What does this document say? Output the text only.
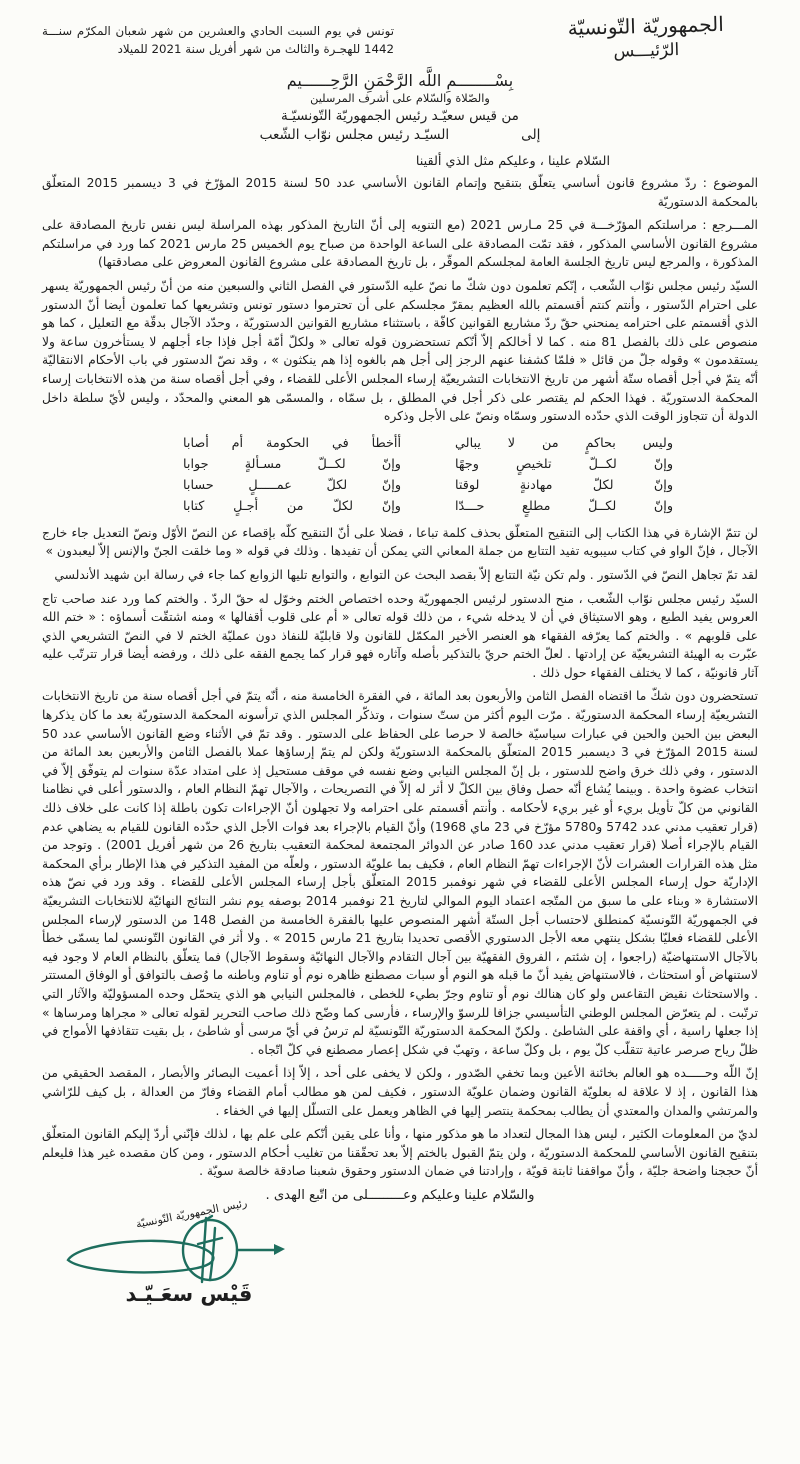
الجمهوريّة التّونسيّة
الرّئيـــس
تونس في يوم السبت الحادي والعشرين من شهر شعبان المكرّم سنـــة 1442 للهجـرة والثالث من شهر أفريل سنة 2021 للميلاد
بِسْــــــــمِ اللَّه الرَّحْمَنِ الرَّحِــــــيم
والصّلاة والسّلام على أشرف المرسلين
من قيس سعيّـد رئيس الجمهوريّة التّونسيّـة
إلى
السيّـد رئيس مجلس نوّاب الشّعب
السّلام علينا ، وعليكم مثل الذي ألقينا

الموضوع : ردّ مشروع قانون أساسي يتعلّق بتنقيح وإتمام القانون الأساسي عدد 50 لسنة 2015 المؤرّخ في 3 ديسمبر 2015 المتعلّق بالمحكمة الدستوريّة

المـــرجع : مراسلتكم المؤرّخـــة في 25 مـارس 2021 (مع التنويه إلى أنّ التاريخ المذكور بهذه المراسلة ليس نفس تاريخ المصادقة على مشروع القانون الأساسي المذكور ، فقد تمّت المصادقة على الساعة الواحدة من صباح يوم الخميس 25 مارس 2021 كما ورد في مراسلتكم المذكورة ، والمرجع ليس تاريخ الجلسة العامة لمجلسكم الموقّر ، بل تاريخ المصادقة على مشروع القانون المعروض على مصادقتها)

السيّد رئيس مجلس نوّاب الشّعب ، إنّكم تعلمون دون شكّ ما نصّ عليه الدّستور في الفصل الثاني والسبعين منه من أنّ رئيس الجمهوريّة يسهر على احترام الدّستور ، وأنتم كنتم أقسمتم بالله العظيم بمقرّ مجلسكم على أن تحترموا دستور تونس وتشريعها كما تعلمون أيضا أنّ الدستور الذي أقسمتم على احترامه يمنحني حقّ ردّ مشاريع القوانين كافّة ، باستثناء مشاريع القوانين الدستوريّة ، وحدّد الآجال بدقّة مع التعليل ، كما هو منصوص على ذلك بالفصل 81 منه . كما لا أخالكم إلاّ أنّكم تستحضرون قوله تعالى « ولكلّ أمّة أجل فإذا جاء أجلهم لا يستأخرون ساعة ولا يستقدمون » وقوله جلّ من قائل « فلمّا كشفنا عنهم الرجز إلى أجل هم بالغوه إذا هم ينكثون » ، وقد نصّ الدستور في باب الأحكام الانتقاليّة أنّه يتمّ في أجل أقصاه ستّة أشهر من تاريخ الانتخابات التشريعيّة إرساء المجلس الأعلى للقضاء ، وفي أجل أقصاه سنة من هذه الانتخابات إرساء المحكمة الدستوريّة . فهذا الحكم لم يقتصر على ذكر أجل في المطلق ، بل سمّاه ، والمسمّى هو المعني والمحدّد ، وليس لأيّ سلطة داخل الدولة أن تتجاوز الوقت الذي حدّده الدستور وسمّاه ونصّ على الأجل وذكره

وليس بحاكمٍ من لا يبالي
أأخطأ في الحكومة أم أصابا
وإنّ لكــلّ تلخيصٍ وجهًا
وإنّ لكــلّ مسـألةٍ جوابا
وإنّ لكلّ مهادنةٍ لوقتا
وإنّ لكلّ عمـــــلٍ حسابا
وإنّ لكــلّ مطلعٍ حـــدّا
وإنّ لكلّ من أجـلٍ كتابا

لن تتمّ الإشارة في هذا الكتاب إلى التنقيح المتعلّق بحذف كلمة تباعا ، فضلا على أنّ التنقيح كلّه بإقصاء عن النصّ الأوّل ونصّ التعديل جاء خارج الآجال ، فإنّ الواو في كتاب سيبويه تفيد التتابع من جملة المعاني التي يمكن أن تفيدها . وذلك في قوله « وما خلقت الجنّ والإنس إلاّ ليعبدون »

لقد تمّ تجاهل النصّ في الدّستور . ولم تكن نيّة التتابع إلاّ بقصد البحث عن التوابع ، والتوابع تليها الزوابع كما جاء في رسالة ابن شهيد الأندلسي

السيّد رئيس مجلس نوّاب الشّعب ، منح الدستور لرئيس الجمهوريّة وحده اختصاص الختم وخوّل له حقّ الردّ . والختم كما ورد عند صاحب تاج العروس يفيد الطبع ، وهو الاستيثاق في أن لا يدخله شيء ، من ذلك قوله تعالى « أم على قلوب أقفالها » ومنه اشتقّت أسماؤه : « ختم الله على قلوبهم » . والختم كما يعرّفه الفقهاء هو العنصر الأخير المكمّل للقانون ولا قابليّة للنفاذ دون عمليّة الختم لا في النصّ التشريعي الذي عبّرت به الهيئة التشريعيّة عن إرادتها . لعلّ الختم حريّ بالتذكير بأصله وآثاره فهو قرار كما يجمع الفقه على ذلك ، ورفضه أيضا قرار تترتّب عليه آثار قانونيّة ، كما لا يختلف الفقهاء حول ذلك .

تستحضرون دون شكّ ما اقتضاه الفصل الثامن والأربعون بعد المائة ، في الفقرة الخامسة منه ، أنّه يتمّ في أجل أقصاه سنة من تاريخ الانتخابات التشريعيّة إرساء المحكمة الدستوريّة . مرّت اليوم أكثر من ستّ سنوات ، وتذكّر المجلس الذي ترأسونه المحكمة الدستوريّة بعد ما كان يذكرها البعض بين الحين والحين في عبارات سياسيّة خالصة لا حرصا على الحفاظ على الدستور . وقد تمّ في الأثناء وضع القانون الأساسي عدد 50 لسنة 2015 المؤرّخ في 3 ديسمبر 2015 المتعلّق بالمحكمة الدستوريّة ولكن لم يتمّ إرساؤها عملا بالفصل الثامن والأربعين بعد المائة من الدستور ، وفي ذلك خرق واضح للدستور ، بل إنّ المجلس النيابي وضع نفسه في موقف مستحيل إذ على امتداد عدّة سنوات لم يتوفّق إلاّ في انتخاب عضوة واحدة . وبينما يُشاع أنّه حصل وفاق بين الكلّ لا أثر له إلاّ في التصريحات ، والآجال تهمّ النظام العام ، والدستور أعلى في نظامنا القانوني من كلّ تأويل بريء أو غير بريء لأحكامه . وأنتم أقسمتم على احترامه ولا تجهلون أنّ الإجراءات تكون باطلة إذا كانت على خلاف ذلك (قرار تعقيب مدني عدد 5742 و5780 مؤرّخ في 23 ماي 1968) وأنّ القيام بالإجراء بعد فوات الأجل الذي حدّده القانون للقيام به يضاهي عدم القيام بالإجراء أصلا (قرار تعقيب مدني عدد 160 صادر عن الدوائر المجتمعة لمحكمة التعقيب بتاريخ 26 من شهر أفريل 2001) . وتوجد من مثل هذه القرارات العشرات لأنّ الإجراءات تهمّ النظام العام ، فكيف بما علويّة الدستور ، ولعلّه من المفيد التذكير في هذا الإطار برأي المحكمة الإداريّة حول إرساء المجلس الأعلى للقضاء في شهر نوفمبر 2015 المتعلّق بأجل إرساء المجلس الأعلى للقضاء . وقد ورد في نصّ هذه الاستشارة « وبناء على ما سبق من المتّجه اعتماد اليوم الموالي لتاريخ 21 نوفمبر 2014 بوصفه يوم نشر النتائج النهائيّة للانتخابات التشريعيّة في الجمهوريّة التّونسيّة كمنطلق لاحتساب أجل الستّة أشهر المنصوص عليها بالفقرة الخامسة من الفصل 148 من الدستور لإرساء المجلس الأعلى للقضاء فعليّا بشكل ينتهي معه الأجل الدستوري الأقصى تحديدا بتاريخ 21 مارس 2015 » . ولا أثر في القانون التّونسي لما يسمّى خطأ بالآجال الاستنهاضيّة (راجعوا ، إن شئتم ، الفروق الفقهيّة بين آجال التقادم والآجال النهائيّة وسقوط الآجال) فما يتعلّق بالنظام العام لا وجود فيه لاستنهاض أو استحثاث ، فالاستنهاض يفيد أنّ ما قبله هو النوم أو سبات مصطنع ظاهره نوم أو تناوم وباطنه ما وُصف بالتوافق أو الوفاق المستتر . والاستحثاث نقيض التقاعس ولو كان هنالك نوم أو تناوم وجرّ بطيء للخطى ، فالمجلس النيابي هو الذي يتحمّل وحده المسؤوليّة والآثار التي ترتّبت . لم يتعرّض المجلس الوطني التأسيسي جزافا للرسوّ والإرساء ، فأرسى كما وضّح ذلك صاحب التحرير لقوله تعالى « مجراها ومرساها » إذا جعلها راسية ، أي واقفة على الشاطئ . ولكنّ المحكمة الدستوريّة التّونسيّة لم ترسُ في أيّ مرسى أو شاطئ ، بل بقيت تتقاذفها الأمواج في ظلّ رياح صرصر عاتية تتقلّب كلّ يوم ، بل وكلّ ساعة ، وتهبّ في شكل إعصار مصطنع في كلّ اتّجاه .

إنّ اللّه وحـــــده هو العالم بخائنة الأعين وبما تخفي الصّدور ، ولكن لا يخفى على أحد ، إلاّ إذا أعميت البصائر والأبصار ، المقصد الحقيقي من هذا القانون ، إذ لا علاقة له بعلويّة القانون وضمان علويّة الدستور ، فكيف لمن هو مطالب أمام القضاء وفارّ من العدالة ، بل كيف للرّاشي والمرتشي والمدان والمعتدي أن يطالب بمحكمة ينتصر إليها في الظاهر ويعمل على التسلّل إليها في الخفاء .

لديّ من المعلومات الكثير ، ليس هذا المجال لتعداد ما هو مذكور منها ، وأنا على يقين أنّكم على علم بها ، لذلك فإنّني أردّ إليكم القانون المتعلّق بتنقيح القانون الأساسي للمحكمة الدستوريّة ، ولن يتمّ القبول بالختم إلاّ بعد تحقّقنا من تغليب أحكام الدستور ، ومن كان مقصده غير هذا فليعلم أنّ حججنا واضحة جليّة ، وأنّ مواقفنا ثابتة قويّة ، وإرادتنا في ضمان الدستور وحقوق شعبنا صادقة خالصة سويّة .

والسّلام علينا وعليكم وعـــــــــلى من اتّبع الهدى .
رئيس الجمهوريّة التّونسيّة
قَيْس سعَـيّـد
